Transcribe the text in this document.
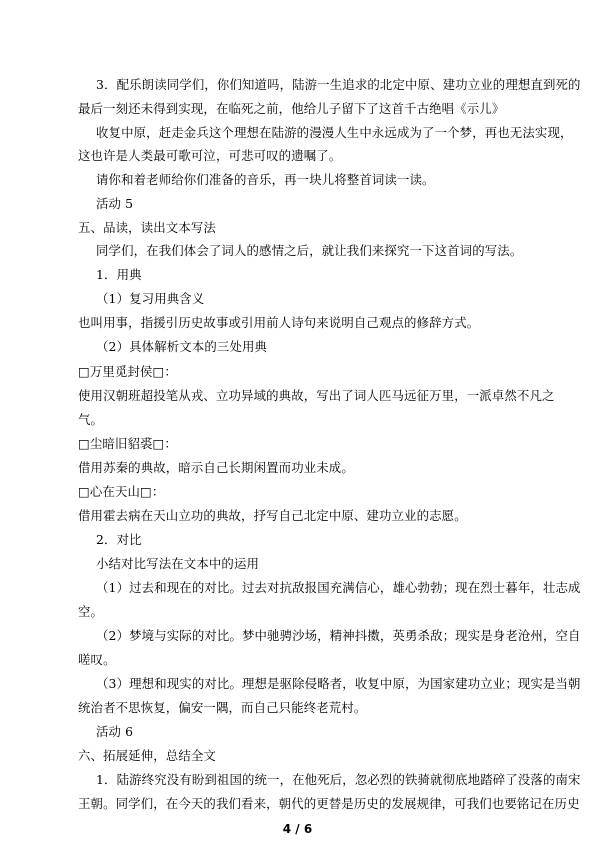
3．配乐朗读同学们，你们知道吗，陆游一生追求的北定中原、建功立业的理想直到死的
最后一刻还未得到实现，在临死之前，他给儿子留下了这首千古绝唱《示儿》
收复中原，赶走金兵这个理想在陆游的漫漫人生中永远成为了一个梦，再也无法实现，
这也许是人类最可歌可泣，可悲可叹的遗嘱了。
请你和着老师给你们准备的音乐，再一块儿将整首词读一读。
活动 5
五、品读，读出文本写法
同学们，在我们体会了词人的感情之后，就让我们来探究一下这首词的写法。
1．用典
（1）复习用典含义
也叫用事，指援引历史故事或引用前人诗句来说明自己观点的修辞方式。
（2）具体解析文本的三处用典
□万里觅封侯□：
使用汉朝班超投笔从戎、立功异域的典故，写出了词人匹马远征万里，一派卓然不凡之
气。
□尘暗旧貂裘□：
借用苏秦的典故，暗示自己长期闲置而功业未成。
□心在天山□：
借用霍去病在天山立功的典故，抒写自己北定中原、建功立业的志愿。
2．对比
小结对比写法在文本中的运用
（1）过去和现在的对比。过去对抗敌报国充满信心，雄心勃勃；现在烈士暮年，壮志成
空。
（2）梦境与实际的对比。梦中驰骋沙场，精神抖擞，英勇杀敌；现实是身老沧州，空自
嗟叹。
（3）理想和现实的对比。理想是驱除侵略者，收复中原，为国家建功立业；现实是当朝
统治者不思恢复，偏安一隅，而自己只能终老荒村。
活动 6
六、拓展延伸，总结全文
1．陆游终究没有盼到祖国的统一，在他死后，忽必烈的铁骑就彻底地踏碎了没落的南宋
王朝。同学们，在今天的我们看来，朝代的更替是历史的发展规律，可我们也要铭记在历史
4 / 6
